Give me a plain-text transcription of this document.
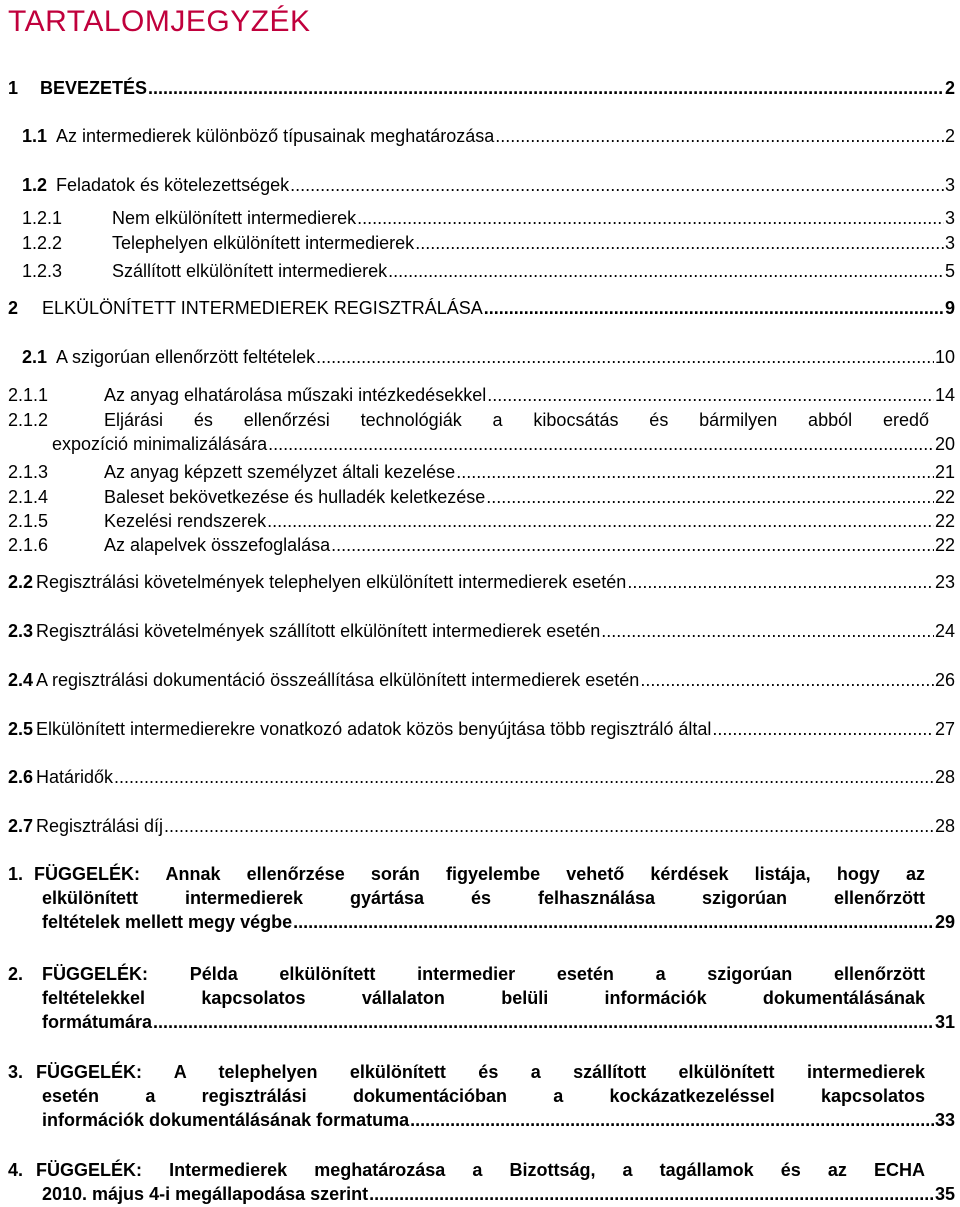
TARTALOMJEGYZÉK
1	BEVEZETÉS .....	2
1.1 Az intermedierek különböző típusainak meghatározása .....	2
1.2 Feladatok és kötelezettségek .....	3
1.2.1	Nem elkülönített intermedierek .....	3
1.2.2	Telephelyen elkülönített intermedierek .....	3
1.2.3	Szállított elkülönített intermedierek .....	5
2	ELKÜLÖNÍTETT INTERMEDIEREK REGISZTRÁLÁSA .....	9
2.1 A szigorúan ellenőrzött feltételek .....	10
2.1.1	Az anyag elhatárolása műszaki intézkedésekkel .....	14
2.1.2	Eljárási és ellenőrzési technológiák a kibocsátás és bármilyen abból eredő
expozíció minimalizálására .....	20
2.1.3	Az anyag képzett személyzet általi kezelése .....	21
2.1.4	Baleset bekövetkezése és hulladék keletkezése .....	22
2.1.5	Kezelési rendszerek .....	22
2.1.6	Az alapelvek összefoglalása .....	22
2.2 Regisztrálási követelmények telephelyen elkülönített intermedierek esetén .....	23
2.3 Regisztrálási követelmények szállított elkülönített intermedierek esetén .....	24
2.4 A regisztrálási dokumentáció összeállítása elkülönített intermedierek esetén .....	26
2.5 Elkülönített intermedierekre vonatkozó adatok közös benyújtása több regisztráló által .....	27
2.6 Határidők .....	28
2.7 Regisztrálási díj .....	28
1. FÜGGELÉK: Annak ellenőrzése során figyelembe vehető kérdések listája, hogy az
elkülönített intermedierek gyártása és felhasználása szigorúan ellenőrzött
feltételek mellett megy végbe .....	29
2.	FÜGGELÉK: Példa elkülönített intermedier esetén a szigorúan ellenőrzött
feltételekkel kapcsolatos vállalaton belüli információk dokumentálásának
formátumára .....	31
3. FÜGGELÉK: A telephelyen elkülönített és a szállított elkülönített intermedierek
esetén a regisztrálási dokumentációban a kockázatkezeléssel kapcsolatos
információk dokumentálásának formatuma .....	33
4. FÜGGELÉK: Intermedierek meghatározása a Bizottság, a tagállamok és az ECHA
2010. május 4-i megállapodása szerint .....	35
